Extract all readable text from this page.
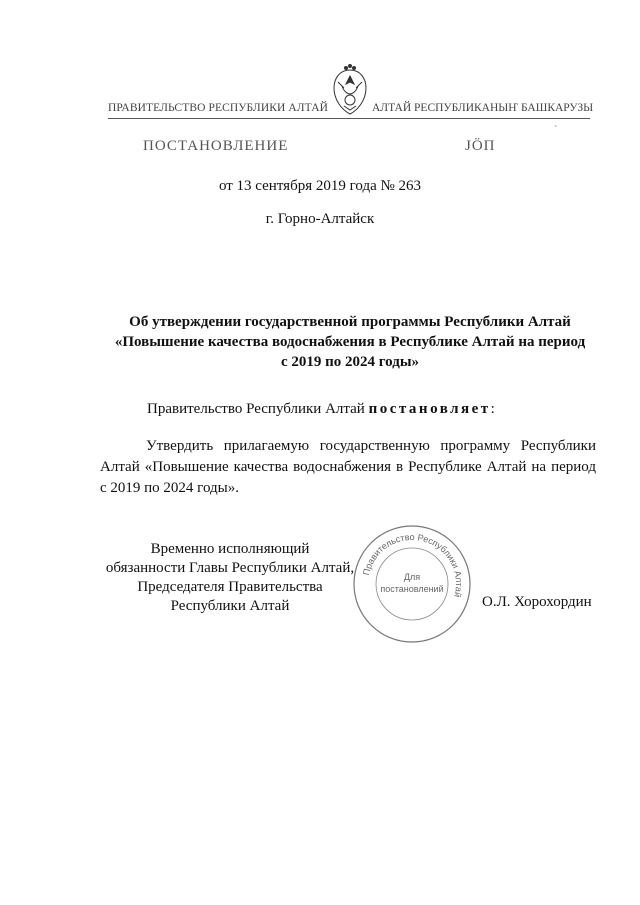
ПРАВИТЕЛЬСТВО РЕСПУБЛИКИ АЛТАЙ	АЛТАЙ РЕСПУБЛИКАНЫҤ БАШКАРУЗЫ
`
ПОСТАНОВЛЕНИЕ	ЈÖП
от 13 сентября 2019 года № 263
г. Горно-Алтайск
Об утверждении государственной программы Республики Алтай
«Повышение качества водоснабжения в Республике Алтай на период
с 2019 по 2024 годы»
Правительство Республики Алтай постановляет:
Утвердить прилагаемую государственную программу Республики Алтай «Повышение качества водоснабжения в Республике Алтай на период с 2019 по 2024 годы».
Временно исполняющий
обязанности Главы Республики Алтай,
Председателя Правительства
Республики Алтай	О.Л. Хорохордин
Правительство Республики Алтай
Для
постановлений
